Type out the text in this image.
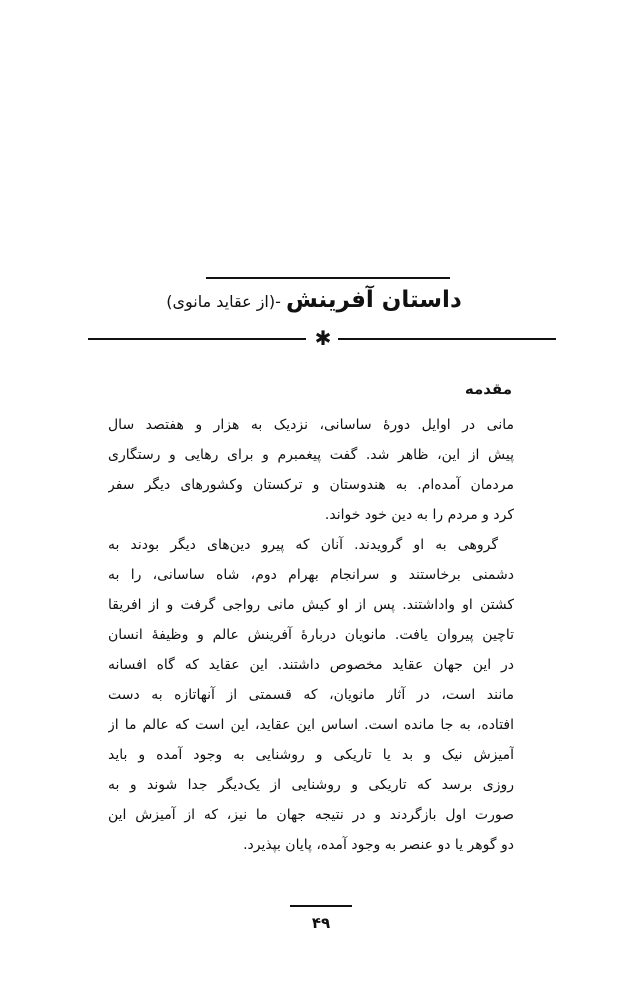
داستان آفرینش -(از عقاید مانوی)
✱
مقدمه
مانی در اوایل دورهٔ ساسانی، نزدیک به هزار و هفتصد سال
پیش از این، ظاهر شد. گفت پیغمبرم و برای رهایی و رستگاری
مردمان آمده‌ام. به هندوستان و ترکستان وکشورهای دیگر سفر
کرد و مردم را به دین خود خواند.
گروهی به او گرویدند. آنان که پیرو دین‌های دیگر بودند به
دشمنی برخاستند و سرانجام بهرام دوم، شاه ساسانی، را به
کشتن او واداشتند. پس از او کیش مانی رواجی گرفت و از افریقا
تاچین پیروان یافت. مانویان دربارهٔ آفرینش عالم و وظیفهٔ انسان
در این جهان عقاید مخصوص داشتند. این عقاید که گاه افسانه
مانند است، در آثار مانویان، که قسمتی از آنهاتازه به دست
افتاده، به جا مانده است. اساس این عقاید، این است که عالم ما از
آمیزش نیک و بد یا تاریکی و روشنایی به وجود آمده و باید
روزی برسد که تاریکی و روشنایی از یک‌دیگر جدا شوند و به
صورت اول بازگردند و در نتیجه جهان ما نیز، که از آمیزش این
دو گوهر یا دو عنصر به وجود آمده، پایان بپذیرد.
۴۹
